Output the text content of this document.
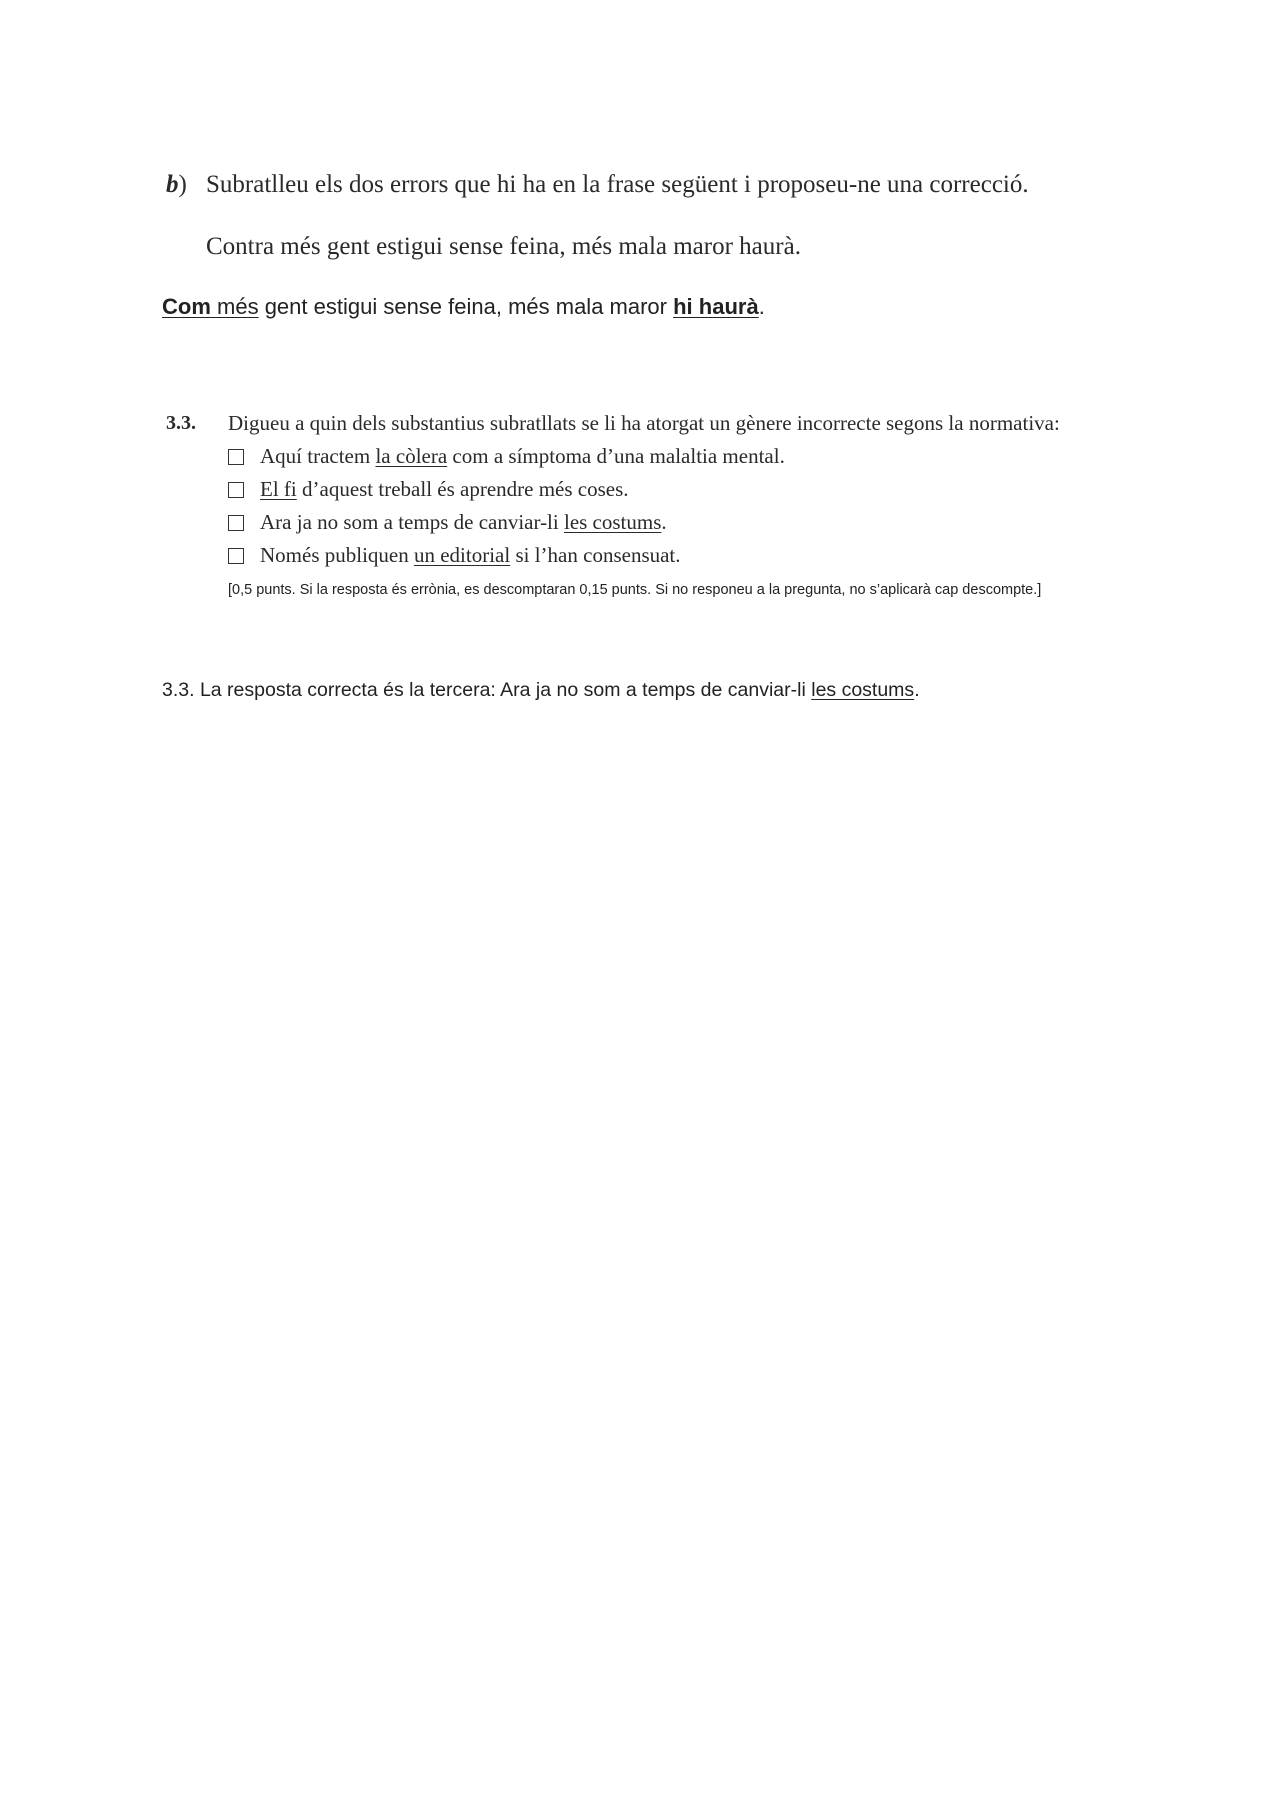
b) Subratlleu els dos errors que hi ha en la frase següent i proposeu-ne una correcció.
Contra més gent estigui sense feina, més mala maror haurà.
Com més gent estigui sense feina, més mala maror hi haurà.
3.3. Digueu a quin dels substantius subratllats se li ha atorgat un gènere incorrecte segons la normativa:
Aquí tractem la còlera com a símptoma d’una malaltia mental.
El fi d’aquest treball és aprendre més coses.
Ara ja no som a temps de canviar-li les costums.
Només publiquen un editorial si l’han consensuat.
[0,5 punts. Si la resposta és errònia, es descomptaran 0,15 punts. Si no responeu a la pregunta, no s’aplicarà cap descompte.]
3.3. La resposta correcta és la tercera: Ara ja no som a temps de canviar-li les costums.
